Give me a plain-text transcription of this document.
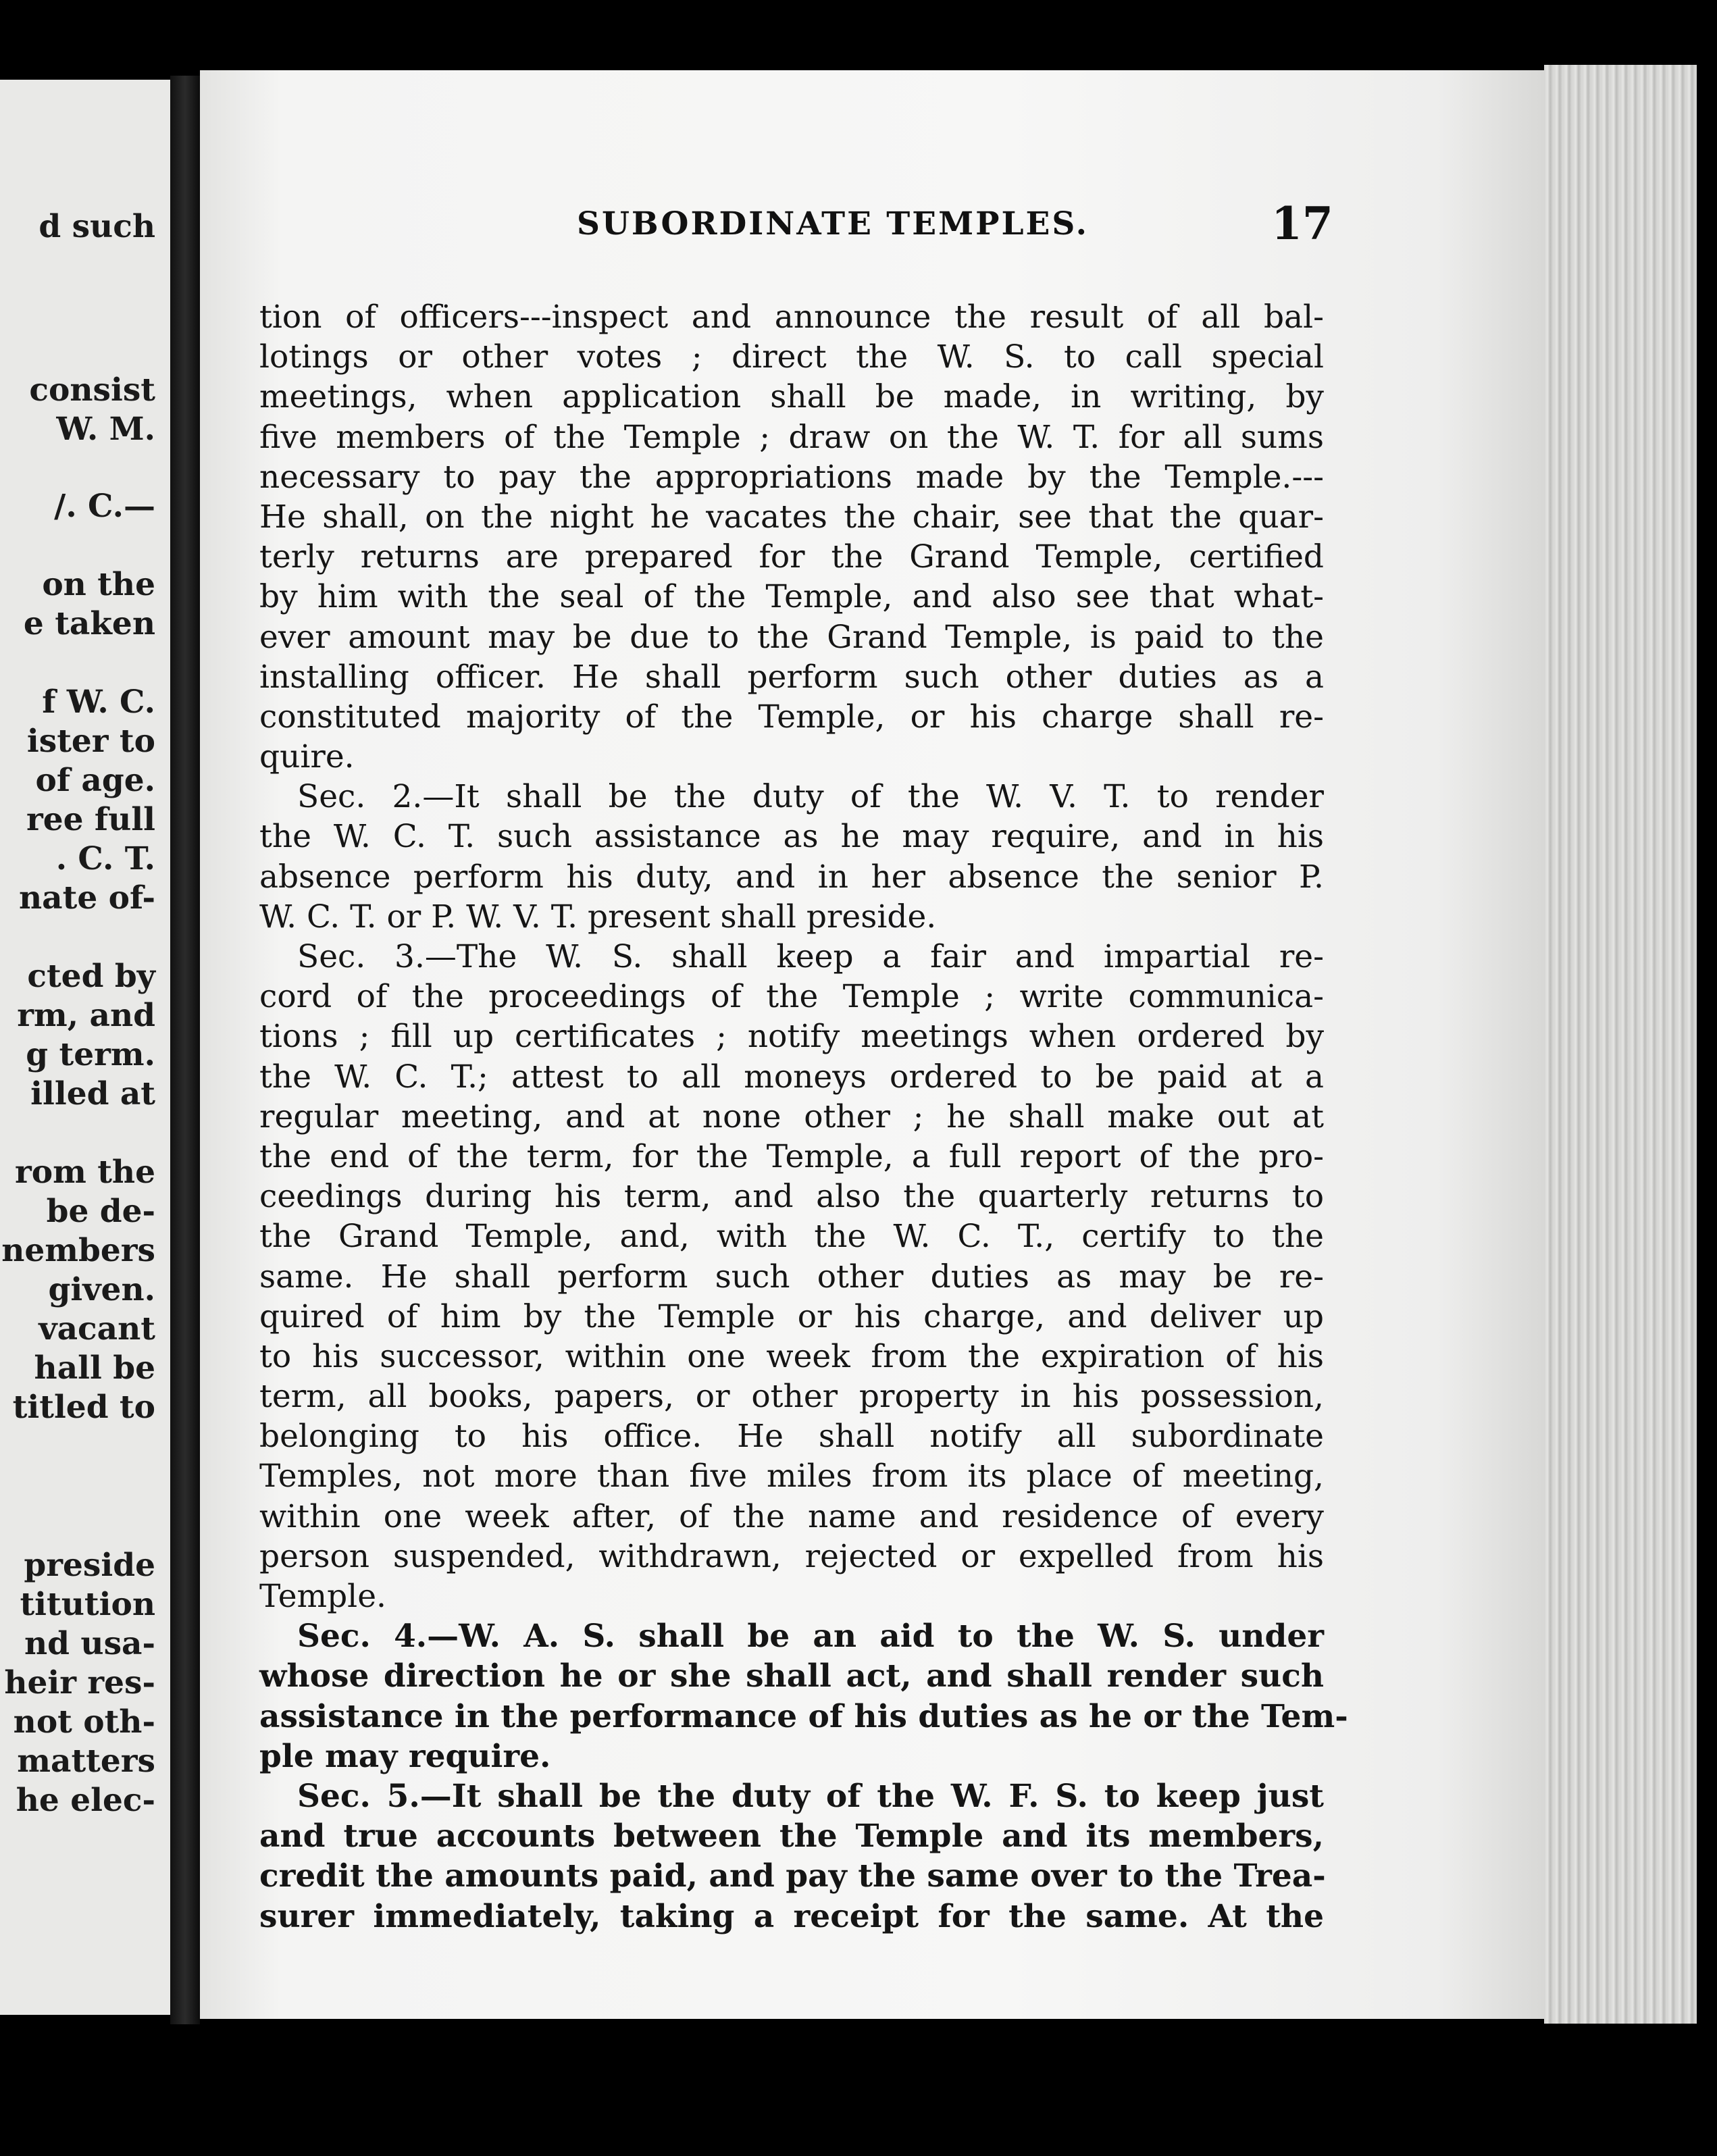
d such
consist
W. M.
/. C.—
on the
e taken
f W. C.
ister to
of age.
ree full
. C. T.
nate of-
cted by
rm, and
g term.
illed at
rom the
be de-
nembers
given.
vacant
hall be
titled to
preside
titution
nd usa-
heir res-
not oth-
matters
he elec-
SUBORDINATE TEMPLES.	17
tion of officers---inspect and announce the result of all bal-
lotings or other votes ; direct the W. S. to call special
meetings, when application shall be made, in writing, by
five members of the Temple ; draw on the W. T. for all sums
necessary to pay the appropriations made by the Temple.---
He shall, on the night he vacates the chair, see that the quar-
terly returns are prepared for the Grand Temple, certified
by him with the seal of the Temple, and also see that what-
ever amount may be due to the Grand Temple, is paid to the
installing officer. He shall perform such other duties as a
constituted majority of the Temple, or his charge shall re-
quire.
Sec. 2.—It shall be the duty of the W. V. T. to render
the W. C. T. such assistance as he may require, and in his
absence perform his duty, and in her absence the senior P.
W. C. T. or P. W. V. T. present shall preside.
Sec. 3.—The W. S. shall keep a fair and impartial re-
cord of the proceedings of the Temple ; write communica-
tions ; fill up certificates ; notify meetings when ordered by
the W. C. T.; attest to all moneys ordered to be paid at a
regular meeting, and at none other ; he shall make out at
the end of the term, for the Temple, a full report of the pro-
ceedings during his term, and also the quarterly returns to
the Grand Temple, and, with the W. C. T., certify to the
same. He shall perform such other duties as may be re-
quired of him by the Temple or his charge, and deliver up
to his successor, within one week from the expiration of his
term, all books, papers, or other property in his possession,
belonging to his office. He shall notify all subordinate
Temples, not more than five miles from its place of meeting,
within one week after, of the name and residence of every
person suspended, withdrawn, rejected or expelled from his
Temple.
Sec. 4.—W. A. S. shall be an aid to the W. S. under
whose direction he or she shall act, and shall render such
assistance in the performance of his duties as he or the Tem-
ple may require.
Sec. 5.—It shall be the duty of the W. F. S. to keep just
and true accounts between the Temple and its members,
credit the amounts paid, and pay the same over to the Trea-
surer immediately, taking a receipt for the same. At the
